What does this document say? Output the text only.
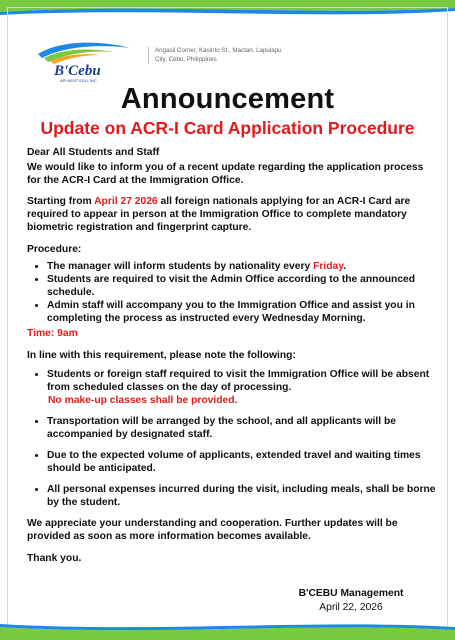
B'Cebu
API NEST EDU. INC.
Angasil Corner, Kasinto St., Mactan, Lapulapu City, Cebu, Philippines
Announcement
Update on ACR-I Card Application Procedure

Dear All Students and Staff

We would like to inform you of a recent update regarding the application process for the ACR-I Card at the Immigration Office.

Starting from April 27 2026 all foreign nationals applying for an ACR-I Card are required to appear in person at the Immigration Office to complete mandatory biometric registration and fingerprint capture.

Procedure:

• The manager will inform students by nationality every Friday.
• Students are required to visit the Admin Office according to the announced schedule.
• Admin staff will accompany you to the Immigration Office and assist you in completing the process as instructed every Wednesday Morning.

Time: 9am

In line with this requirement, please note the following:

• Students or foreign staff required to visit the Immigration Office will be absent from scheduled classes on the day of processing.
No make-up classes shall be provided.
• Transportation will be arranged by the school, and all applicants will be accompanied by designated staff.
• Due to the expected volume of applicants, extended travel and waiting times should be anticipated.
• All personal expenses incurred during the visit, including meals, shall be borne by the student.

We appreciate your understanding and cooperation. Further updates will be provided as soon as more information becomes available.

Thank you.

B'CEBU Management
April 22, 2026
